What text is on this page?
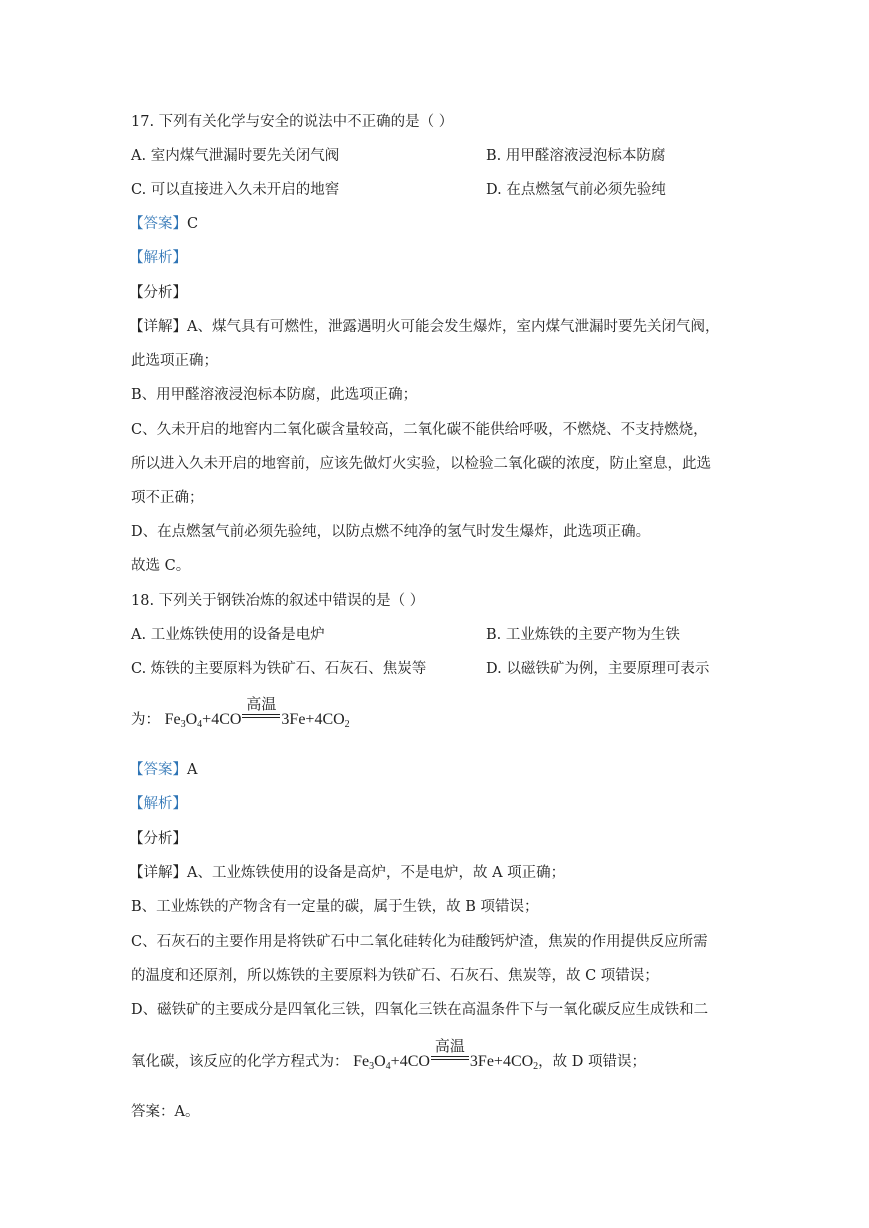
17. 下列有关化学与安全的说法中不正确的是（ ）
A. 室内煤气泄漏时要先关闭气阀	B. 用甲醛溶液浸泡标本防腐
C. 可以直接进入久未开启的地窖	D. 在点燃氢气前必须先验纯
【答案】C
【解析】
【分析】
【详解】A、煤气具有可燃性，泄露遇明火可能会发生爆炸，室内煤气泄漏时要先关闭气阀，
此选项正确；
B、用甲醛溶液浸泡标本防腐，此选项正确；
C、久未开启的地窖内二氧化碳含量较高，二氧化碳不能供给呼吸，不燃烧、不支持燃烧，
所以进入久未开启的地窖前，应该先做灯火实验，以检验二氧化碳的浓度，防止窒息，此选
项不正确；
D、在点燃氢气前必须先验纯，以防点燃不纯净的氢气时发生爆炸，此选项正确。
故选 C。
18. 下列关于钢铁冶炼的叙述中错误的是（ ）
A. 工业炼铁使用的设备是电炉	B. 工业炼铁的主要产物为生铁
C. 炼铁的主要原料为铁矿石、石灰石、焦炭等	D. 以磁铁矿为例，主要原理可表示
为： $Fe_3O_4+4CO$
高温
$3Fe+4CO_2$
【答案】A
【解析】
【分析】
【详解】A、工业炼铁使用的设备是高炉，不是电炉，故 A 项正确；
B、工业炼铁的产物含有一定量的碳，属于生铁，故 B 项错误；
C、石灰石的主要作用是将铁矿石中二氧化硅转化为硅酸钙炉渣，焦炭的作用提供反应所需
的温度和还原剂，所以炼铁的主要原料为铁矿石、石灰石、焦炭等，故 C 项错误；
D、磁铁矿的主要成分是四氧化三铁，四氧化三铁在高温条件下与一氧化碳反应生成铁和二
氧化碳，该反应的化学方程式为： $Fe_3O_4+4CO$
高温
$3Fe+4CO_2$，故 D 项错误；
答案：A。
